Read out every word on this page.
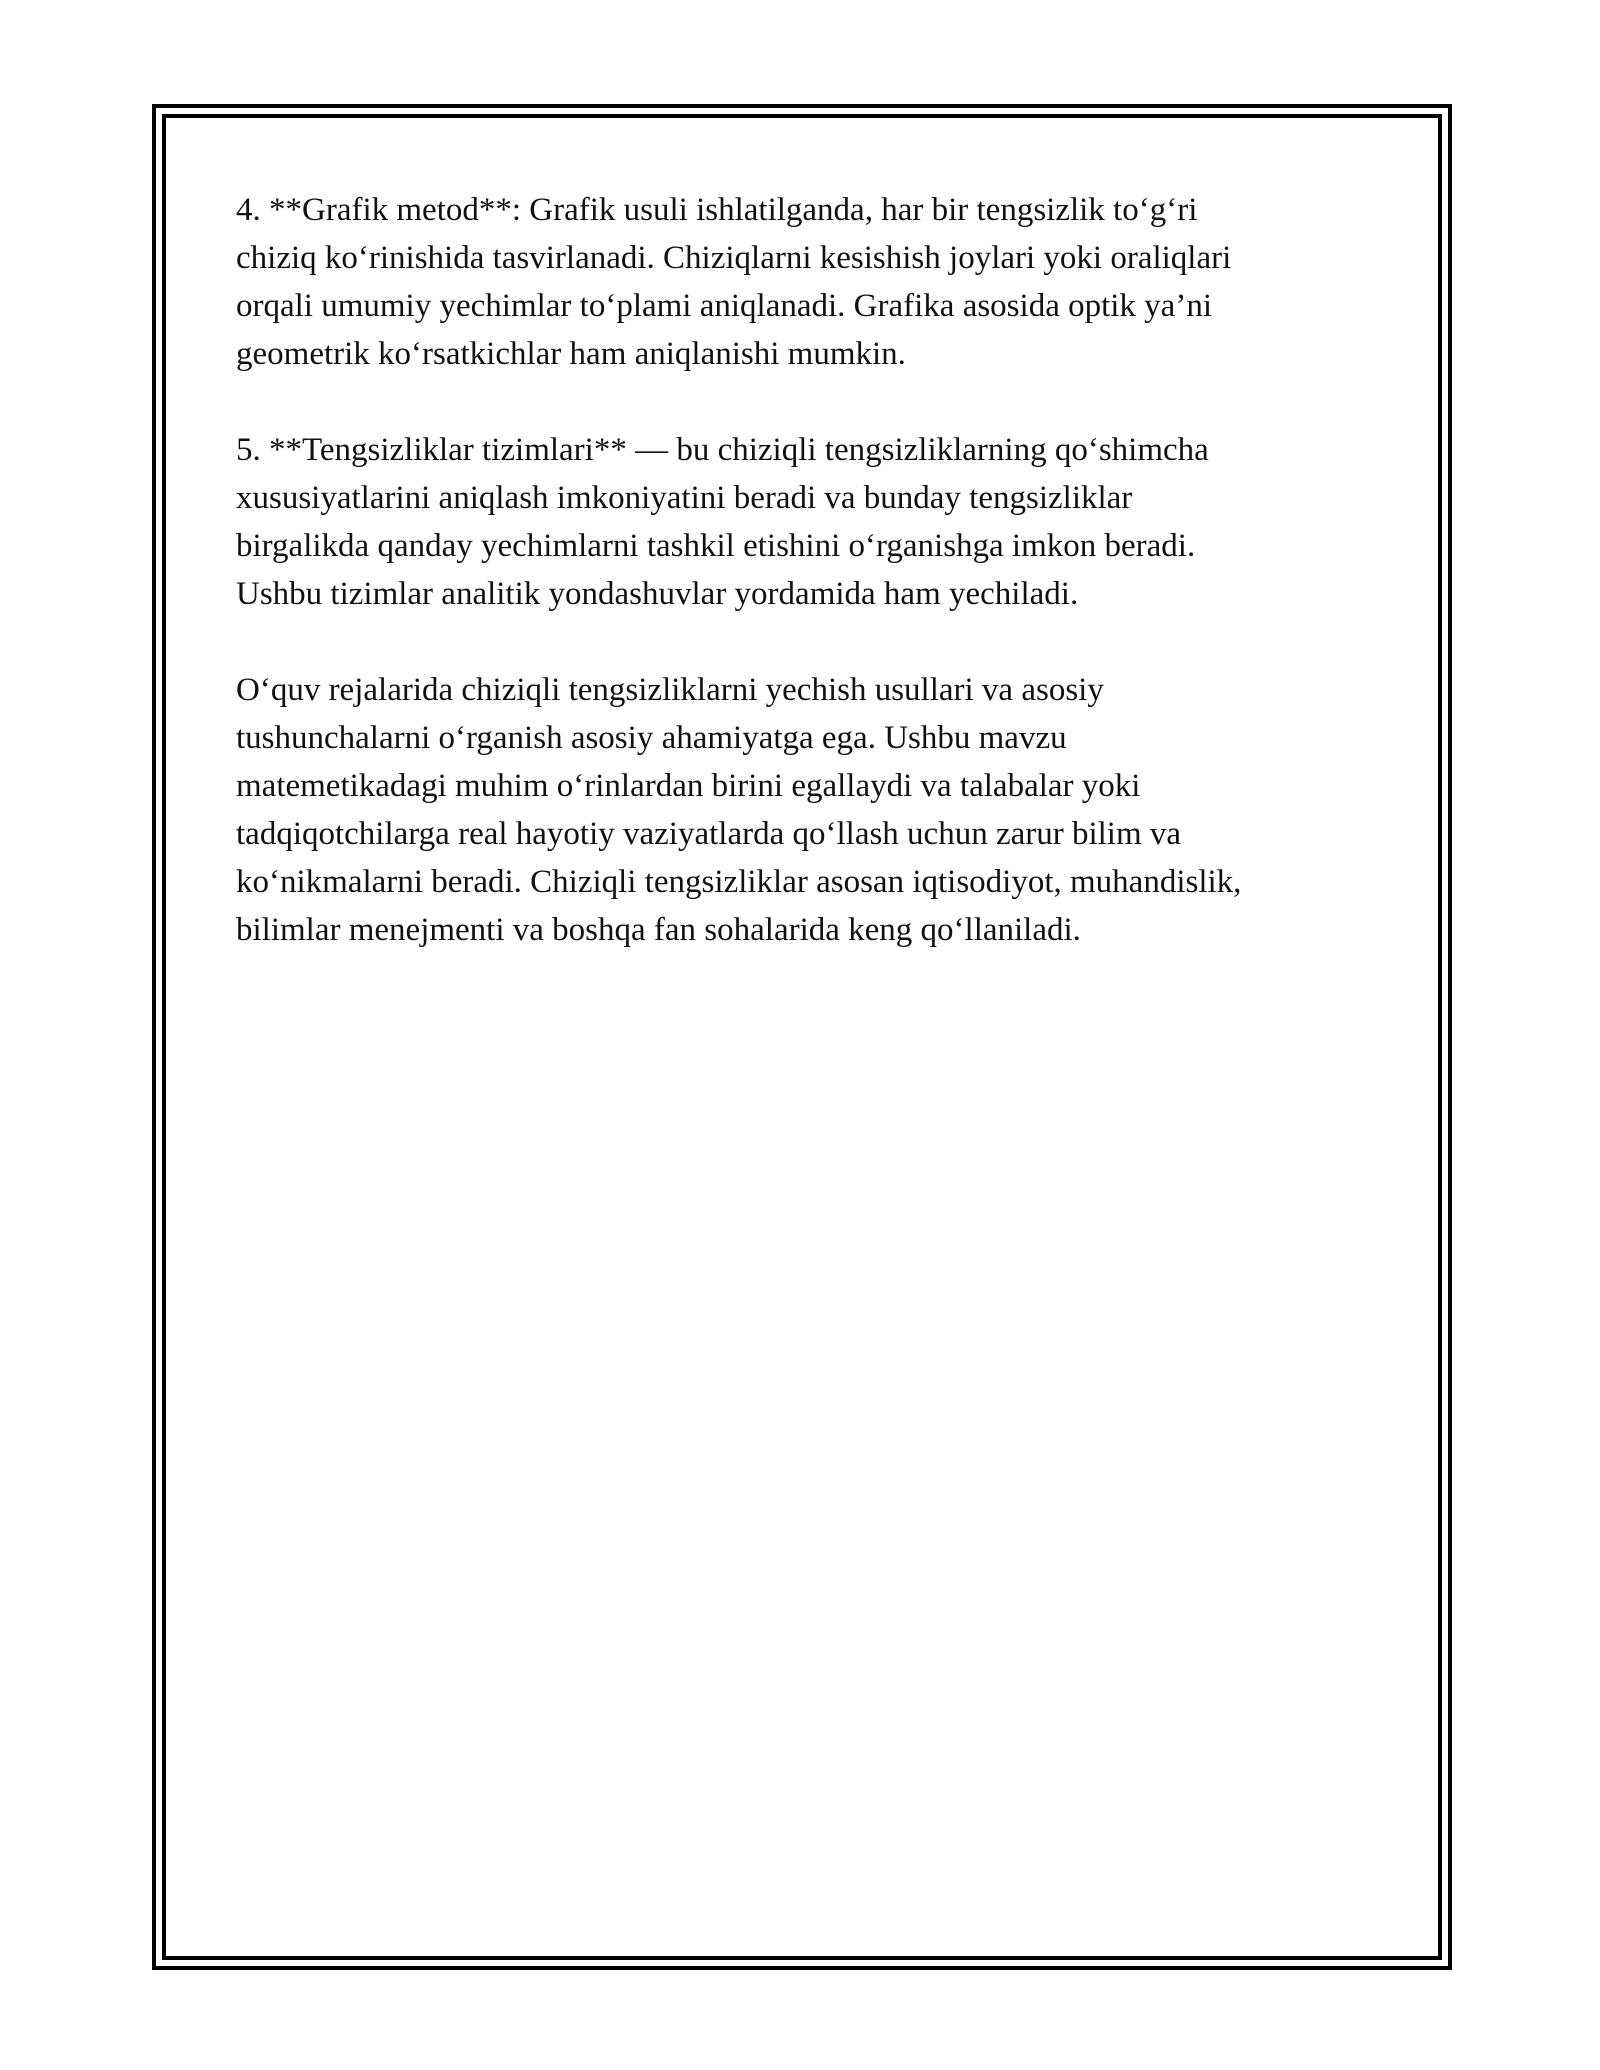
4. **Grafik metod**: Grafik usuli ishlatilganda, har bir tengsizlik to‘g‘ri
chiziq ko‘rinishida tasvirlanadi. Chiziqlarni kesishish joylari yoki oraliqlari
orqali umumiy yechimlar to‘plami aniqlanadi. Grafika asosida optik ya’ni
geometrik ko‘rsatkichlar ham aniqlanishi mumkin.

5. **Tengsizliklar tizimlari** — bu chiziqli tengsizliklarning qo‘shimcha
xususiyatlarini aniqlash imkoniyatini beradi va bunday tengsizliklar
birgalikda qanday yechimlarni tashkil etishini o‘rganishga imkon beradi.
Ushbu tizimlar analitik yondashuvlar yordamida ham yechiladi.

O‘quv rejalarida chiziqli tengsizliklarni yechish usullari va asosiy
tushunchalarni o‘rganish asosiy ahamiyatga ega. Ushbu mavzu
matemetikadagi muhim o‘rinlardan birini egallaydi va talabalar yoki
tadqiqotchilarga real hayotiy vaziyatlarda qo‘llash uchun zarur bilim va
ko‘nikmalarni beradi. Chiziqli tengsizliklar asosan iqtisodiyot, muhandislik,
bilimlar menejmenti va boshqa fan sohalarida keng qo‘llaniladi.
